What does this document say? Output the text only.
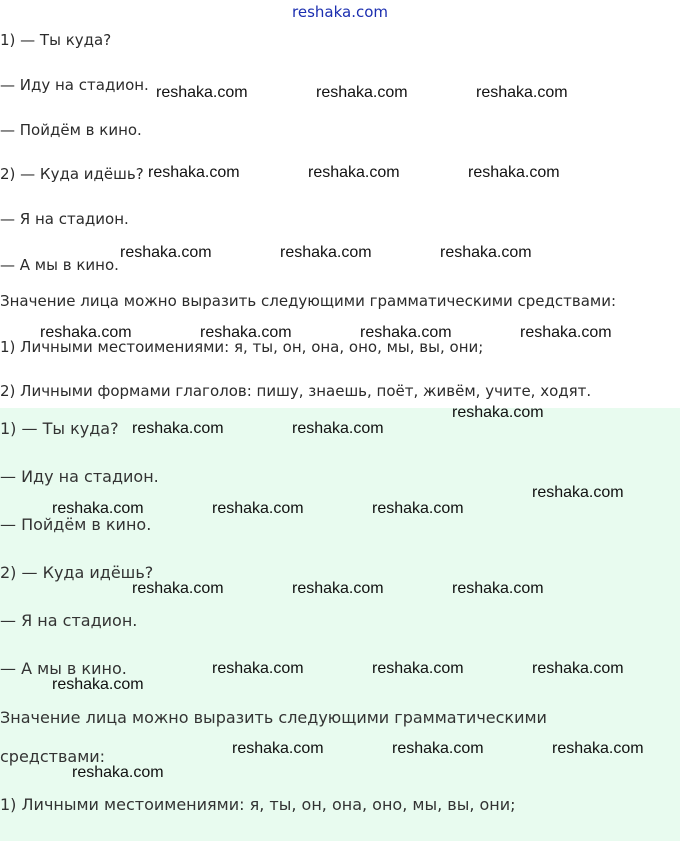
reshaka.com
1) — Ты куда?
— Иду на стадион.
— Пойдём в кино.
2) — Куда идёшь?
— Я на стадион.
— А мы в кино.
Значение лица можно выразить следующими грамматическими средствами:
1) Личными местоимениями: я, ты, он, она, оно, мы, вы, они;
2) Личными формами глаголов: пишу, знаешь, поёт, живём, учите, ходят.
1) — Ты куда?
— Иду на стадион.
— Пойдём в кино.
2) — Куда идёшь?
— Я на стадион.
— А мы в кино.
Значение лица можно выразить следующими грамматическими
средствами:
1) Личными местоимениями: я, ты, он, она, оно, мы, вы, они;
reshaka.com	reshaka.com	reshaka.com
reshaka.com	reshaka.com	reshaka.com
reshaka.com	reshaka.com	reshaka.com
reshaka.com	reshaka.com	reshaka.com	reshaka.com
reshaka.com
reshaka.com	reshaka.com
reshaka.com
reshaka.com	reshaka.com	reshaka.com
reshaka.com	reshaka.com	reshaka.com
reshaka.com	reshaka.com	reshaka.com
reshaka.com
reshaka.com	reshaka.com	reshaka.com
reshaka.com
